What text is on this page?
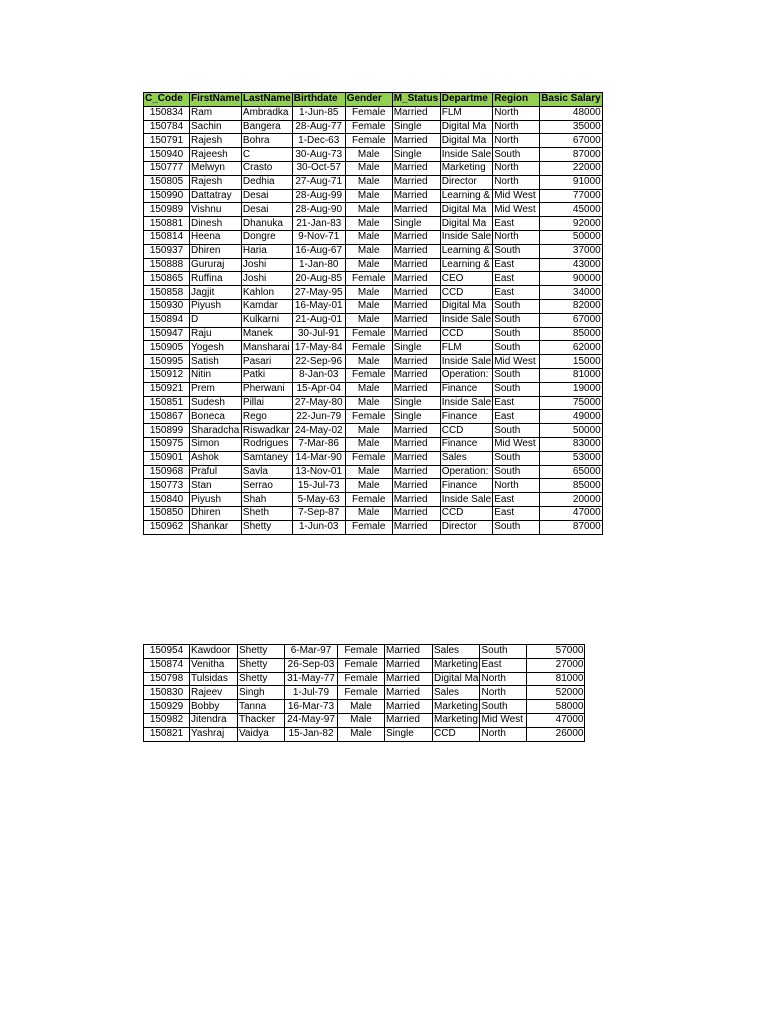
C_Code	FirstName	LastName	Birthdate	Gender	M_Status	Departme	Region	Basic Salary
150834	Ram	Ambradka	1-Jun-85	Female	Married	FLM	North	48000
150784	Sachin	Bangera	28-Aug-77	Female	Single	Digital Ma	North	35000
150791	Rajesh	Bohra	1-Dec-63	Female	Married	Digital Ma	North	67000
150940	Rajeesh	C	30-Aug-73	Male	Single	Inside Sale	South	87000
150777	Melwyn	Crasto	30-Oct-57	Male	Married	Marketing	North	22000
150805	Rajesh	Dedhia	27-Aug-71	Male	Married	Director	North	91000
150990	Dattatray	Desai	28-Aug-99	Male	Married	Learning &	Mid West	77000
150989	Vishnu	Desai	28-Aug-90	Male	Married	Digital Ma	Mid West	45000
150881	Dinesh	Dhanuka	21-Jan-83	Male	Single	Digital Ma	East	92000
150814	Heena	Dongre	9-Nov-71	Male	Married	Inside Sale	North	50000
150937	Dhiren	Haria	16-Aug-67	Male	Married	Learning &	South	37000
150888	Gururaj	Joshi	1-Jan-80	Male	Married	Learning &	East	43000
150865	Ruffina	Joshi	20-Aug-85	Female	Married	CEO	East	90000
150858	Jagjit	Kahlon	27-May-95	Male	Married	CCD	East	34000
150930	Piyush	Kamdar	16-May-01	Male	Married	Digital Ma	South	82000
150894	D	Kulkarni	21-Aug-01	Male	Married	Inside Sale	South	67000
150947	Raju	Manek	30-Jul-91	Female	Married	CCD	South	85000
150905	Yogesh	Mansharai	17-May-84	Female	Single	FLM	South	62000
150995	Satish	Pasari	22-Sep-96	Male	Married	Inside Sale	Mid West	15000
150912	Nitin	Patki	8-Jan-03	Female	Married	Operation:	South	81000
150921	Prem	Pherwani	15-Apr-04	Male	Married	Finance	South	19000
150851	Sudesh	Pillai	27-May-80	Male	Single	Inside Sale	East	75000
150867	Boneca	Rego	22-Jun-79	Female	Single	Finance	East	49000
150899	Sharadcha	Riswadkar	24-May-02	Male	Married	CCD	South	50000
150975	Simon	Rodrigues	7-Mar-86	Male	Married	Finance	Mid West	83000
150901	Ashok	Samtaney	14-Mar-90	Female	Married	Sales	South	53000
150968	Praful	Savla	13-Nov-01	Male	Married	Operation:	South	65000
150773	Stan	Serrao	15-Jul-73	Male	Married	Finance	North	85000
150840	Piyush	Shah	5-May-63	Female	Married	Inside Sale	East	20000
150850	Dhiren	Sheth	7-Sep-87	Male	Married	CCD	East	47000
150962	Shankar	Shetty	1-Jun-03	Female	Married	Director	South	87000
150954	Kawdoor	Shetty	6-Mar-97	Female	Married	Sales	South	57000
150874	Venitha	Shetty	26-Sep-03	Female	Married	Marketing	East	27000
150798	Tulsidas	Shetty	31-May-77	Female	Married	Digital Ma	North	81000
150830	Rajeev	Singh	1-Jul-79	Female	Married	Sales	North	52000
150929	Bobby	Tanna	16-Mar-73	Male	Married	Marketing	South	58000
150982	Jitendra	Thacker	24-May-97	Male	Married	Marketing	Mid West	47000
150821	Yashraj	Vaidya	15-Jan-82	Male	Single	CCD	North	26000
